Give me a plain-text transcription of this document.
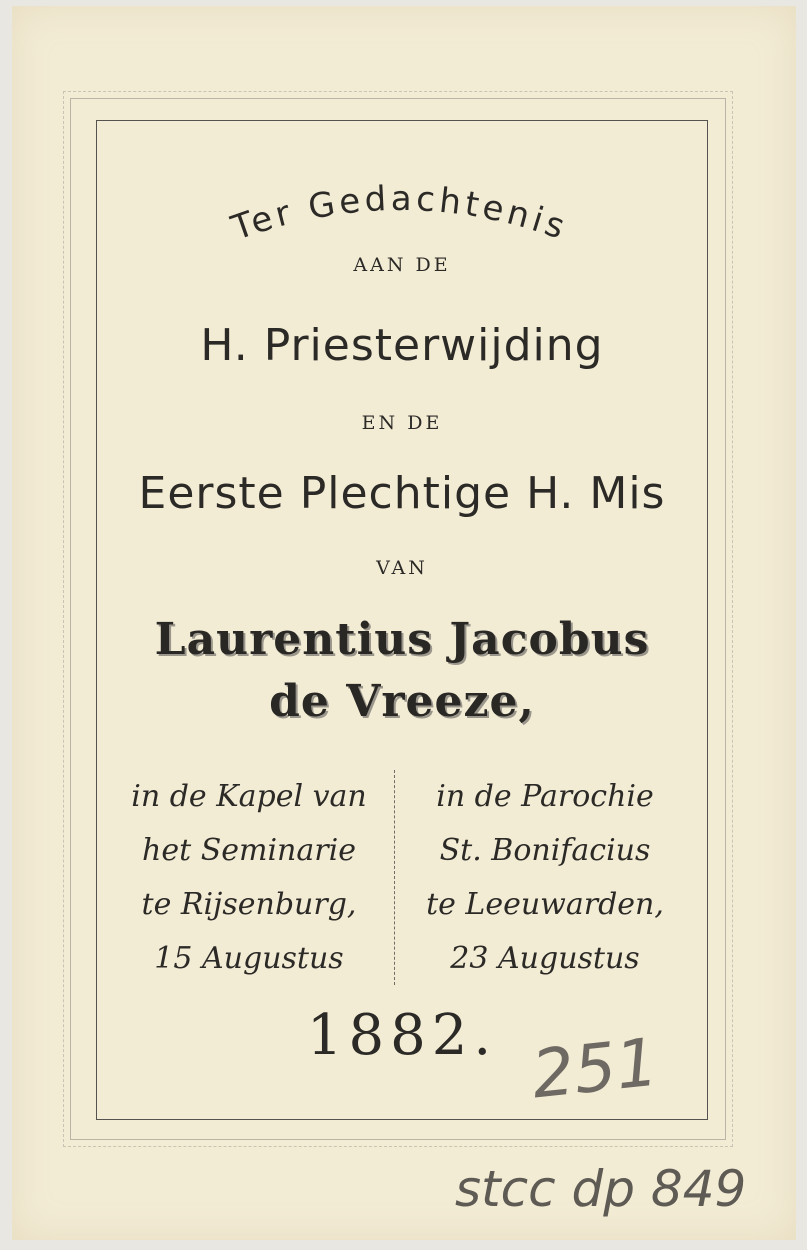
Ter Gedachtenis
AAN DE
H. Priesterwijding
EN DE
Eerste Plechtige H. Mis
VAN
Laurentius Jacobus
de Vreeze,
in de Kapel van
het Seminarie
te Rijsenburg,
15 Augustus
in de Parochie
St. Bonifacius
te Leeuwarden,
23 Augustus
1882. 251
stcc dp 849
